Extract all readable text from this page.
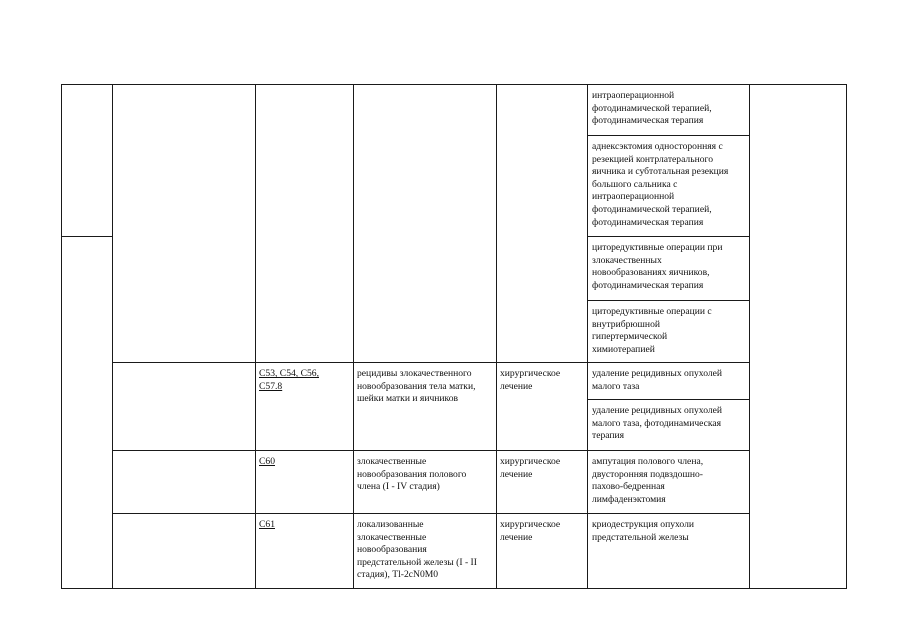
интраоперационной
фотодинамической терапией,
фотодинамическая терапия
аднексэктомия односторонняя с
резекцией контрлатерального
яичника и субтотальная резекция
большого сальника с
интраоперационной
фотодинамической терапией,
фотодинамическая терапия
циторедуктивные операции при
злокачественных
новообразованиях яичников,
фотодинамическая терапия
циторедуктивные операции с
внутрибрюшной
гипертермической
химиотерапией
C53, C54, C56,
C57.8
рецидивы злокачественного
новообразования тела матки,
шейки матки и яичников
хирургическое
лечение
удаление рецидивных опухолей
малого таза
удаление рецидивных опухолей
малого таза, фотодинамическая
терапия
C60	злокачественные
новообразования полового
члена (I - IV стадия)
хирургическое
лечение
ампутация полового члена,
двусторонняя подвздошно-
пахово-бедренная
лимфаденэктомия
C61	локализованные
злокачественные
новообразования
предстательной железы (I - II
стадия), Tl-2cN0M0
хирургическое
лечение
криодеструкция опухоли
предстательной железы
